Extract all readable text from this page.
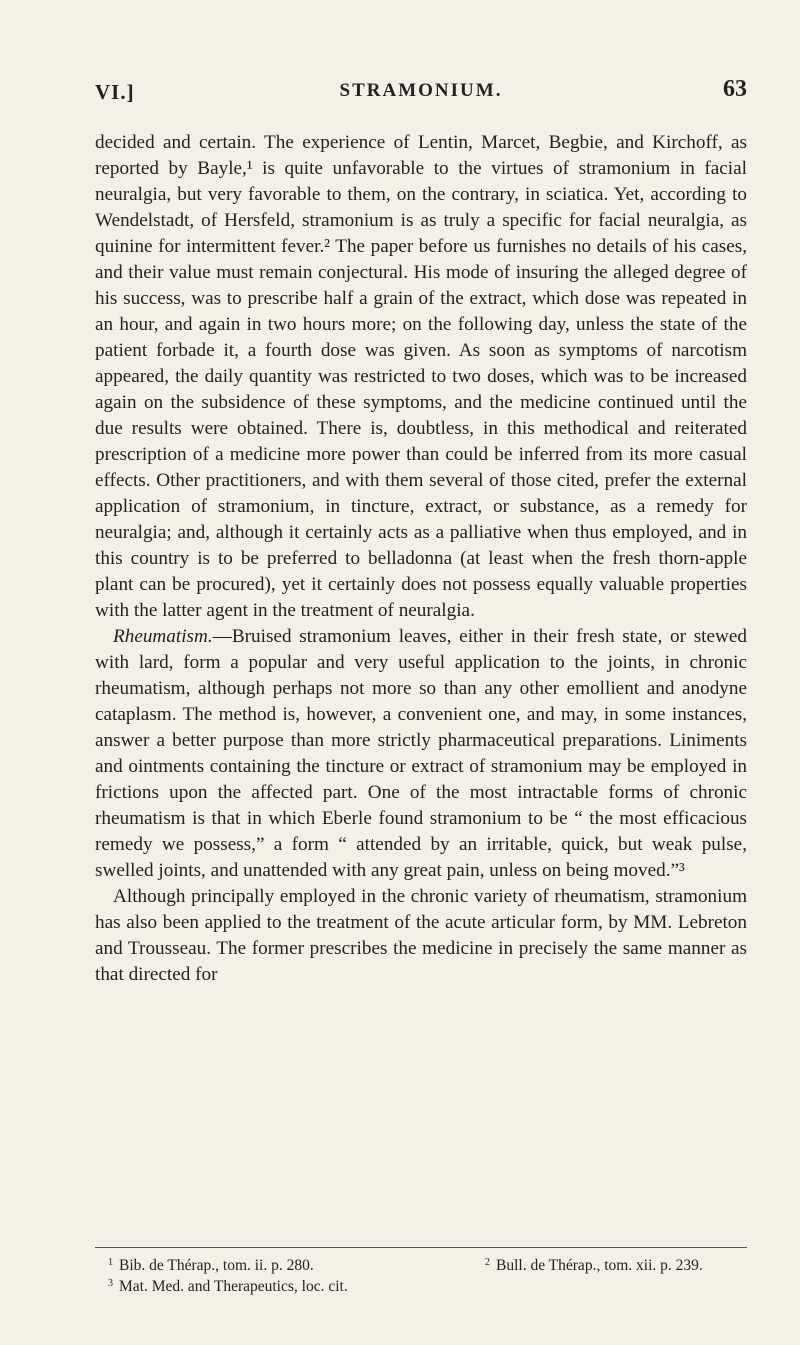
VI.]	STRAMONIUM.	63

decided and certain. The experience of Lentin, Marcet, Begbie, and Kirchoff, as reported by Bayle,¹ is quite unfavorable to the virtues of stramonium in facial neuralgia, but very favorable to them, on the contrary, in sciatica. Yet, according to Wendelstadt, of Hersfeld, stramonium is as truly a specific for facial neuralgia, as quinine for intermittent fever.² The paper before us furnishes no details of his cases, and their value must remain conjectural. His mode of insuring the alleged degree of his success, was to prescribe half a grain of the extract, which dose was repeated in an hour, and again in two hours more; on the following day, unless the state of the patient forbade it, a fourth dose was given. As soon as symptoms of narcotism appeared, the daily quantity was restricted to two doses, which was to be increased again on the subsidence of these symptoms, and the medicine continued until the due results were obtained. There is, doubtless, in this methodical and reiterated prescription of a medicine more power than could be inferred from its more casual effects. Other practitioners, and with them several of those cited, prefer the external application of stramonium, in tincture, extract, or substance, as a remedy for neuralgia; and, although it certainly acts as a palliative when thus employed, and in this country is to be preferred to belladonna (at least when the fresh thorn-apple plant can be procured), yet it certainly does not possess equally valuable properties with the latter agent in the treatment of neuralgia.

Rheumatism.—Bruised stramonium leaves, either in their fresh state, or stewed with lard, form a popular and very useful application to the joints, in chronic rheumatism, although perhaps not more so than any other emollient and anodyne cataplasm. The method is, however, a convenient one, and may, in some instances, answer a better purpose than more strictly pharmaceutical preparations. Liniments and ointments containing the tincture or extract of stramonium may be employed in frictions upon the affected part. One of the most intractable forms of chronic rheumatism is that in which Eberle found stramonium to be “ the most efficacious remedy we possess,” a form “ attended by an irritable, quick, but weak pulse, swelled joints, and unattended with any great pain, unless on being moved.”³

Although principally employed in the chronic variety of rheumatism, stramonium has also been applied to the treatment of the acute articular form, by MM. Lebreton and Trousseau. The former prescribes the medicine in precisely the same manner as that directed for

$^1$ Bib. de Thérap., tom. ii. p. 280.	$^2$ Bull. de Thérap., tom. xii. p. 239.
$^3$ Mat. Med. and Therapeutics, loc. cit.
